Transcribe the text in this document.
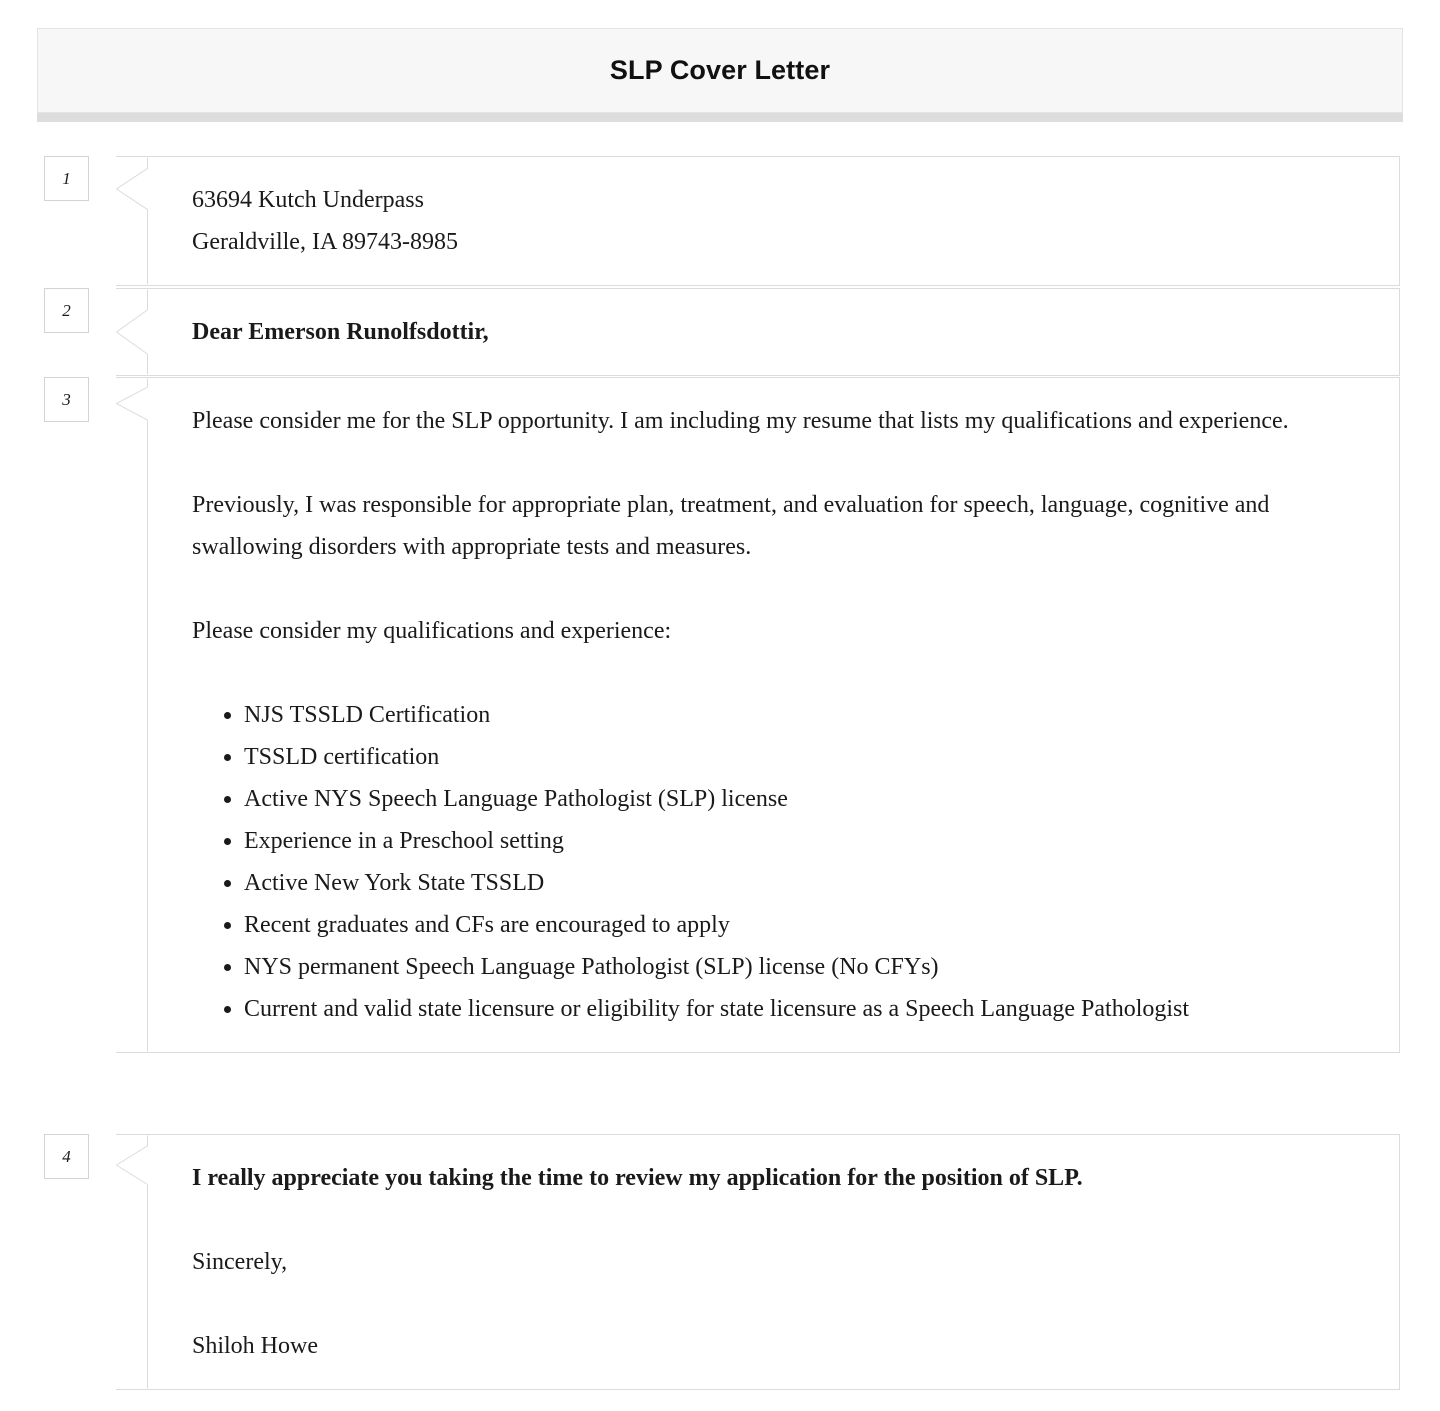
SLP Cover Letter
1

63694 Kutch Underpass

Geraldville, IA 89743-8985

2

Dear Emerson Runolfsdottir,

3

Please consider me for the SLP opportunity. I am including my resume that lists my qualifications and experience.

Previously, I was responsible for appropriate plan, treatment, and evaluation for speech, language, cognitive and swallowing disorders with appropriate tests and measures.

Please consider my qualifications and experience:

• NJS TSSLD Certification
• TSSLD certification
• Active NYS Speech Language Pathologist (SLP) license
• Experience in a Preschool setting
• Active New York State TSSLD
• Recent graduates and CFs are encouraged to apply
• NYS permanent Speech Language Pathologist (SLP) license (No CFYs)
• Current and valid state licensure or eligibility for state licensure as a Speech Language Pathologist
4

I really appreciate you taking the time to review my application for the position of SLP.

Sincerely,

Shiloh Howe
